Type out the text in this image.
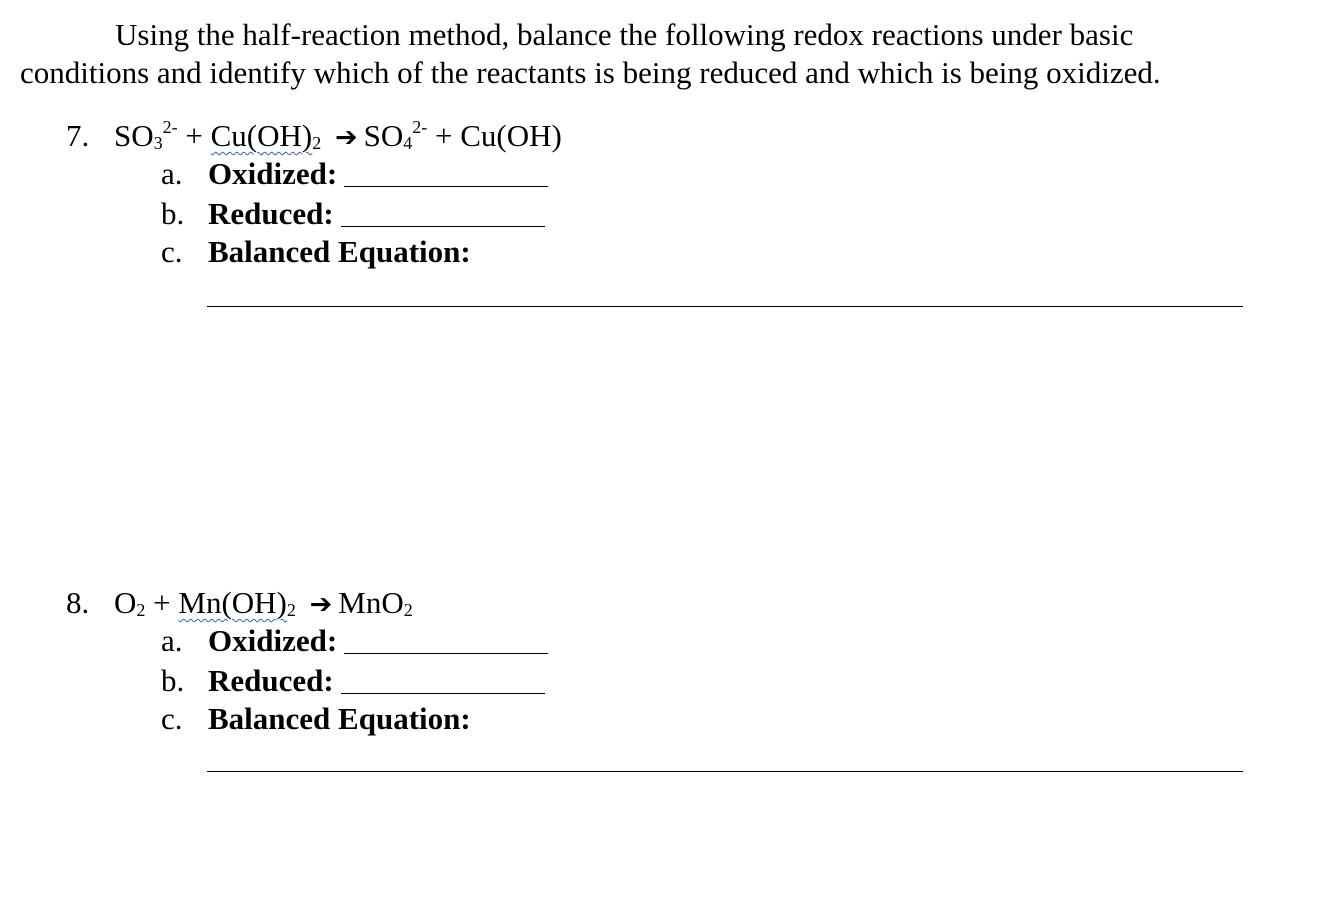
Using the half-reaction method, balance the following redox reactions under basic
conditions and identify which of the reactants is being reduced and which is being oxidized.
7. $SO_3^{2-} + Cu(OH)_2$ ➔ $SO_4^{2-} + Cu(OH)$
a. Oxidized:
b. Reduced:
c. Balanced Equation:
8. $O_2 + Mn(OH)_2$ ➔ MnO$_2$
a. Oxidized:
b. Reduced:
c. Balanced Equation:
